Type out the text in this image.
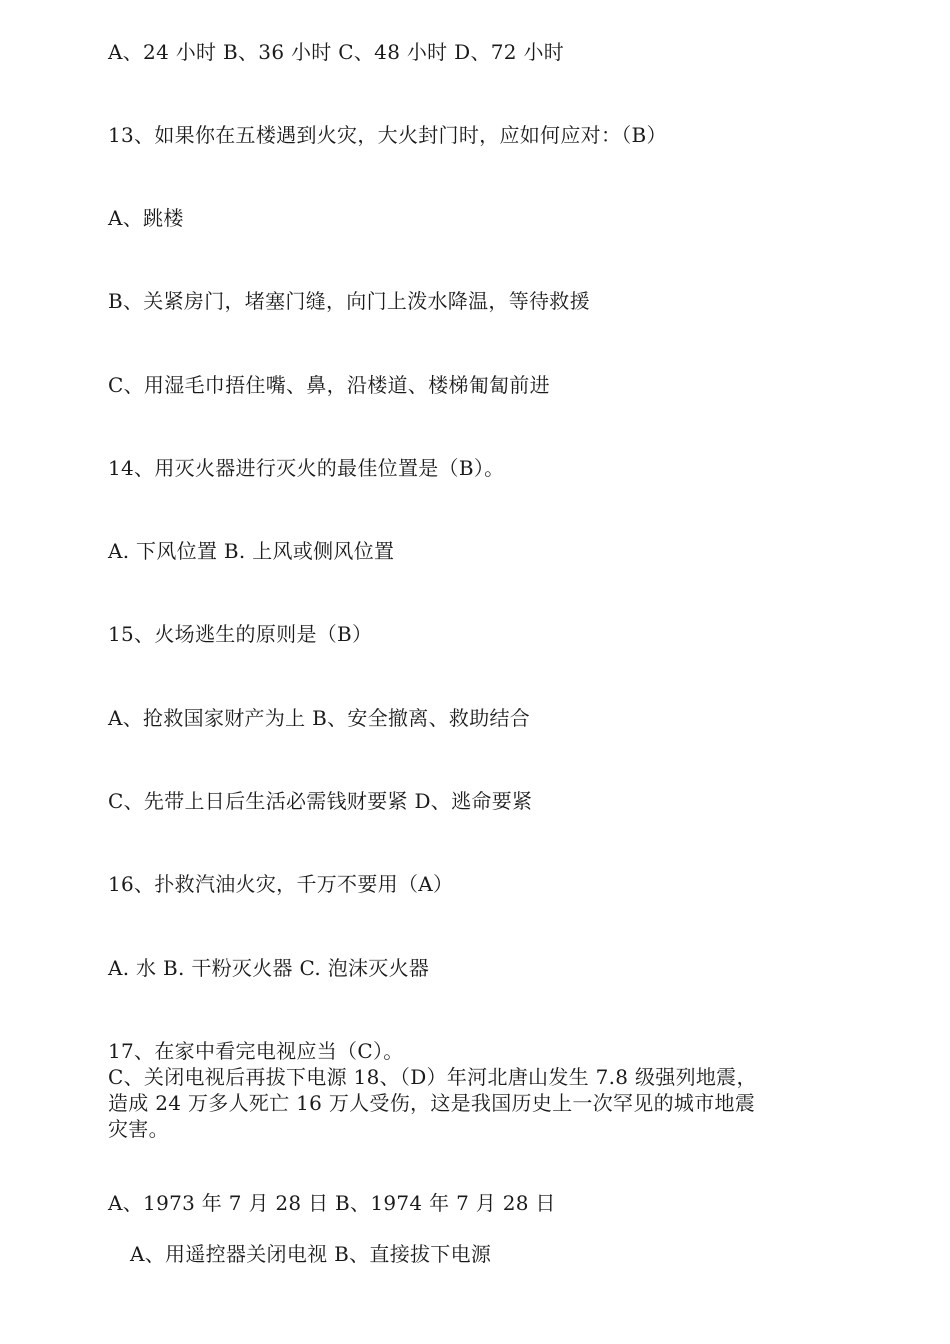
A、24 小时 B、36 小时 C、48 小时 D、72 小时
13、如果你在五楼遇到火灾，大火封门时，应如何应对：（B）
A、跳楼
B、关紧房门，堵塞门缝，向门上泼水降温，等待救援
C、用湿毛巾捂住嘴、鼻，沿楼道、楼梯匍匐前进
14、用灭火器进行灭火的最佳位置是（B）。
A. 下风位置 B. 上风或侧风位置
15、火场逃生的原则是（B）
A、抢救国家财产为上 B、安全撤离、救助结合
C、先带上日后生活必需钱财要紧 D、逃命要紧
16、扑救汽油火灾，千万不要用（A）
A. 水 B. 干粉灭火器 C. 泡沫灭火器
17、在家中看完电视应当（C）。
C、关闭电视后再拔下电源 18、（D）年河北唐山发生 7.8 级强列地震，
造成 24 万多人死亡 16 万人受伤，这是我国历史上一次罕见的城市地震
灾害。
A、1973 年 7 月 28 日 B、1974 年 7 月 28 日
A、用遥控器关闭电视 B、直接拔下电源
